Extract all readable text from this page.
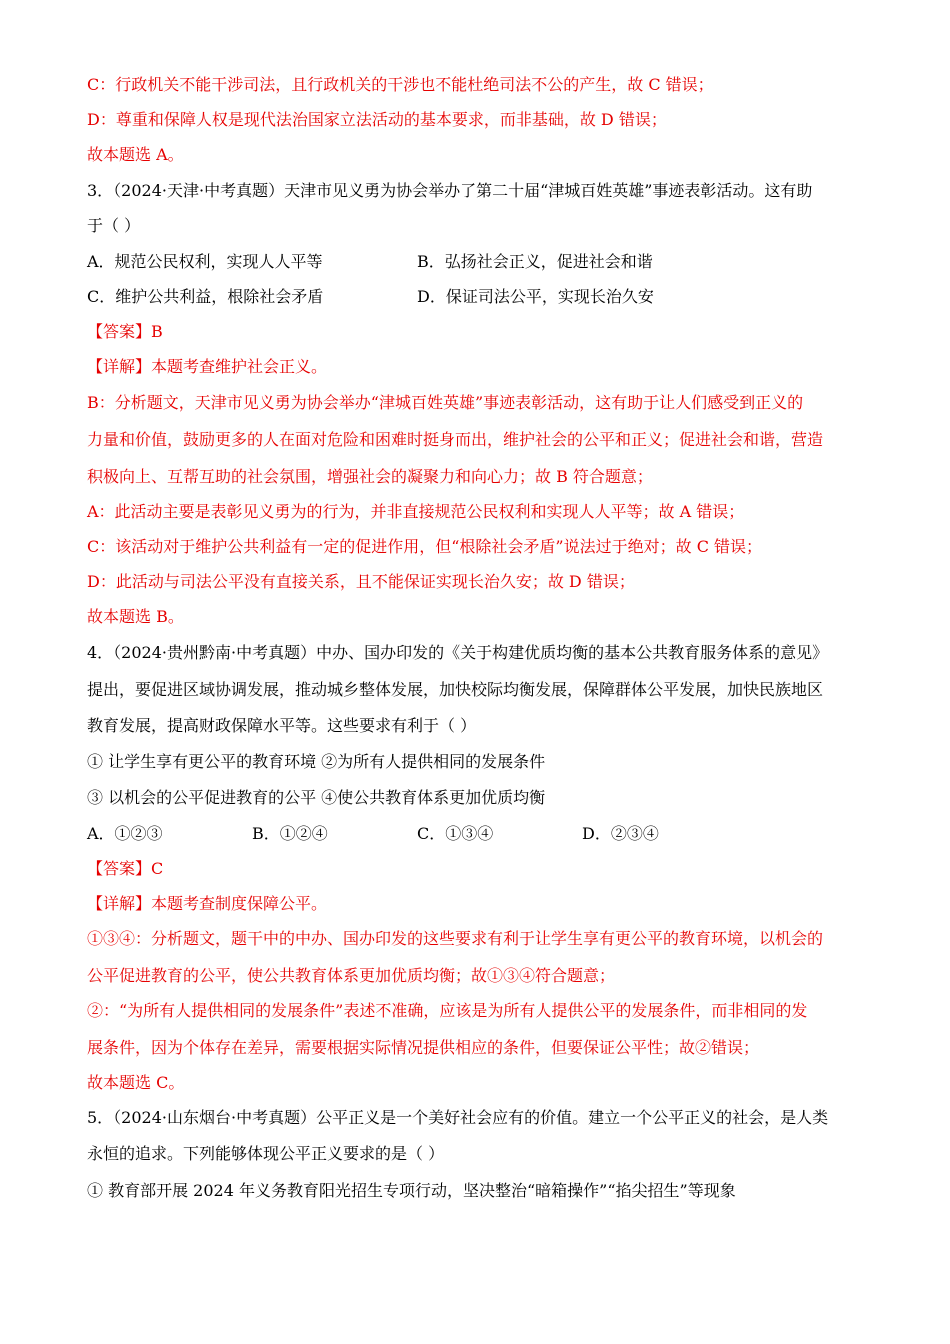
C：行政机关不能干涉司法，且行政机关的干涉也不能杜绝司法不公的产生，故 C 错误；
D：尊重和保障人权是现代法治国家立法活动的基本要求，而非基础，故 D 错误；
故本题选 A。
3．（2024·天津·中考真题）天津市见义勇为协会举办了第二十届“津城百姓英雄”事迹表彰活动。这有助
于（ ）
A．规范公民权利，实现人人平等	B．弘扬社会正义，促进社会和谐
C．维护公共利益，根除社会矛盾	D．保证司法公平，实现长治久安
【答案】B
【详解】本题考查维护社会正义。
B：分析题文，天津市见义勇为协会举办“津城百姓英雄”事迹表彰活动，这有助于让人们感受到正义的
力量和价值，鼓励更多的人在面对危险和困难时挺身而出，维护社会的公平和正义；促进社会和谐，营造
积极向上、互帮互助的社会氛围，增强社会的凝聚力和向心力；故 B 符合题意；
A：此活动主要是表彰见义勇为的行为，并非直接规范公民权利和实现人人平等；故 A 错误；
C：该活动对于维护公共利益有一定的促进作用，但“根除社会矛盾”说法过于绝对；故 C 错误；
D：此活动与司法公平没有直接关系，且不能保证实现长治久安；故 D 错误；
故本题选 B。
4．（2024·贵州黔南·中考真题）中办、国办印发的《关于构建优质均衡的基本公共教育服务体系的意见》
提出，要促进区域协调发展，推动城乡整体发展，加快校际均衡发展，保障群体公平发展，加快民族地区
教育发展，提高财政保障水平等。这些要求有利于（ ）
① 让学生享有更公平的教育环境 ②为所有人提供相同的发展条件
③ 以机会的公平促进教育的公平 ④使公共教育体系更加优质均衡
A．①②③	B．①②④	C．①③④	D．②③④
【答案】C
【详解】本题考查制度保障公平。
①③④：分析题文，题干中的中办、国办印发的这些要求有利于让学生享有更公平的教育环境，以机会的
公平促进教育的公平，使公共教育体系更加优质均衡；故①③④符合题意；
②：“为所有人提供相同的发展条件”表述不准确，应该是为所有人提供公平的发展条件，而非相同的发
展条件，因为个体存在差异，需要根据实际情况提供相应的条件，但要保证公平性；故②错误；
故本题选 C。
5．（2024·山东烟台·中考真题）公平正义是一个美好社会应有的价值。建立一个公平正义的社会，是人类
永恒的追求。下列能够体现公平正义要求的是（ ）
① 教育部开展 2024 年义务教育阳光招生专项行动，坚决整治“暗箱操作”“掐尖招生”等现象
